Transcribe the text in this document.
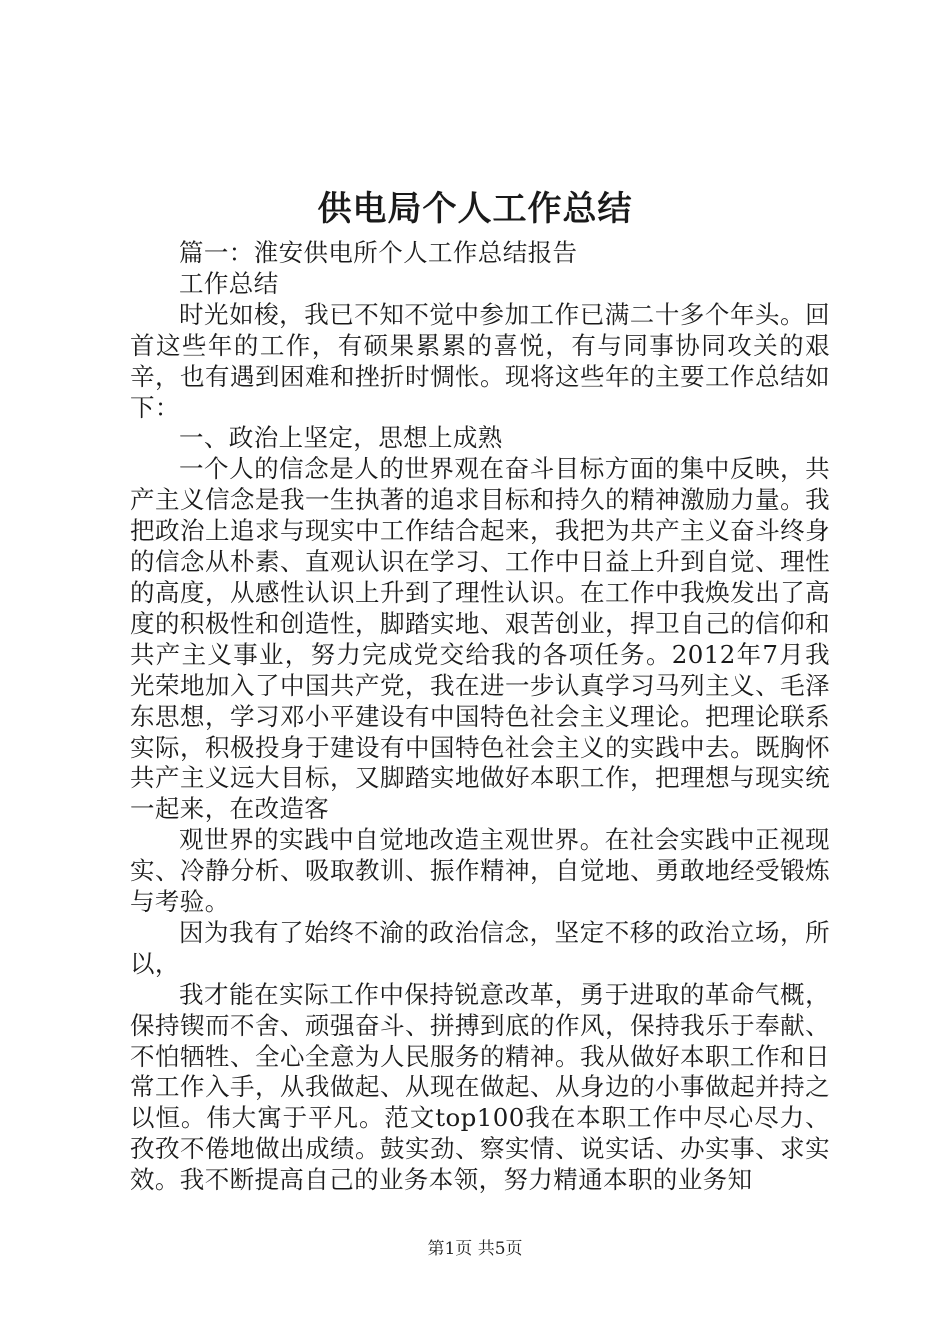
供电局个人工作总结

篇一：淮安供电所个人工作总结报告

工作总结

时光如梭，我已不知不觉中参加工作已满二十多个年头。回首这些年的工作，有硕果累累的喜悦，有与同事协同攻关的艰辛，也有遇到困难和挫折时惆怅。现将这些年的主要工作总结如下：

一、政治上坚定，思想上成熟

一个人的信念是人的世界观在奋斗目标方面的集中反映，共产主义信念是我一生执著的追求目标和持久的精神激励力量。我把政治上追求与现实中工作结合起来，我把为共产主义奋斗终身的信念从朴素、直观认识在学习、工作中日益上升到自觉、理性的高度，从感性认识上升到了理性认识。在工作中我焕发出了高度的积极性和创造性，脚踏实地、艰苦创业，捍卫自己的信仰和共产主义事业，努力完成党交给我的各项任务。2012年7月我光荣地加入了中国共产党，我在进一步认真学习马列主义、毛泽东思想，学习邓小平建设有中国特色社会主义理论。把理论联系实际，积极投身于建设有中国特色社会主义的实践中去。既胸怀共产主义远大目标，又脚踏实地做好本职工作，把理想与现实统一起来，在改造客

观世界的实践中自觉地改造主观世界。在社会实践中正视现实、冷静分析、吸取教训、振作精神，自觉地、勇敢地经受锻炼与考验。

因为我有了始终不渝的政治信念，坚定不移的政治立场，所以，

我才能在实际工作中保持锐意改革，勇于进取的革命气概，保持锲而不舍、顽强奋斗、拼搏到底的作风，保持我乐于奉献、不怕牺牲、全心全意为人民服务的精神。我从做好本职工作和日常工作入手，从我做起、从现在做起、从身边的小事做起并持之以恒。伟大寓于平凡。范文top100我在本职工作中尽心尽力、孜孜不倦地做出成绩。鼓实劲、察实情、说实话、办实事、求实效。我不断提高自己的业务本领，努力精通本职的业务知

第1页 共5页
